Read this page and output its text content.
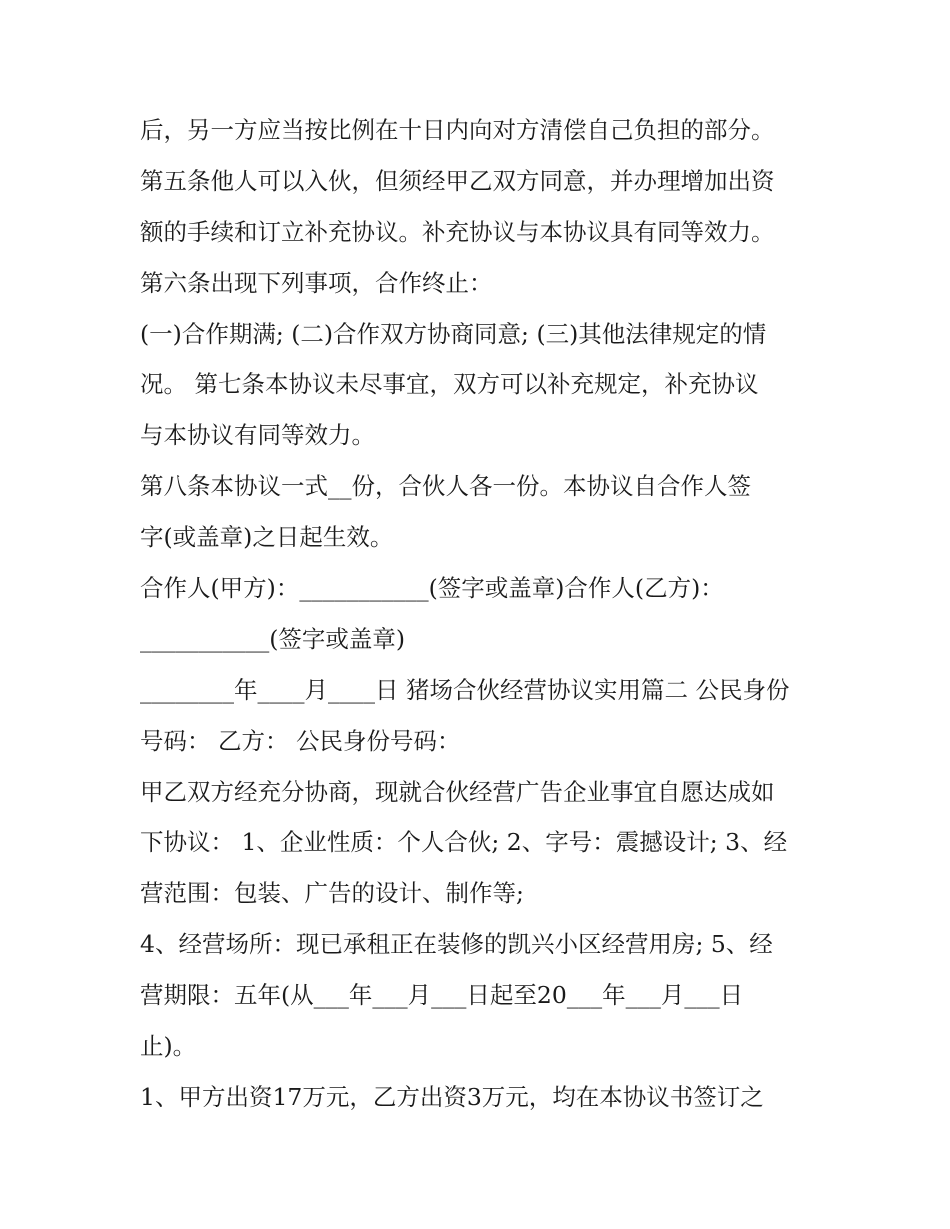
后，另一方应当按比例在十日内向对方清偿自己负担的部分。
第五条他人可以入伙，但须经甲乙双方同意，并办理增加出资
额的手续和订立补充协议。补充协议与本协议具有同等效力。
第六条出现下列事项，合作终止：
(一)合作期满; (二)合作双方协商同意; (三)其他法律规定的情
况。 第七条本协议未尽事宜，双方可以补充规定，补充协议
与本协议有同等效力。
第八条本协议一式__份，合伙人各一份。本协议自合作人签
字(或盖章)之日起生效。
合作人(甲方)：___________(签字或盖章)合作人(乙方)：
___________(签字或盖章)
________年____月____日 猪场合伙经营协议实用篇二 公民身份
号码： 乙方： 公民身份号码：
甲乙双方经充分协商，现就合伙经营广告企业事宜自愿达成如
下协议： 1、企业性质：个人合伙; 2、字号：震撼设计; 3、经
营范围：包装、广告的设计、制作等;
4、经营场所：现已承租正在装修的凯兴小区经营用房; 5、经
营期限：五年(从___年___月___日起至20___年___月___日
止)。
1、甲方出资17万元，乙方出资3万元，均在本协议书签订之
